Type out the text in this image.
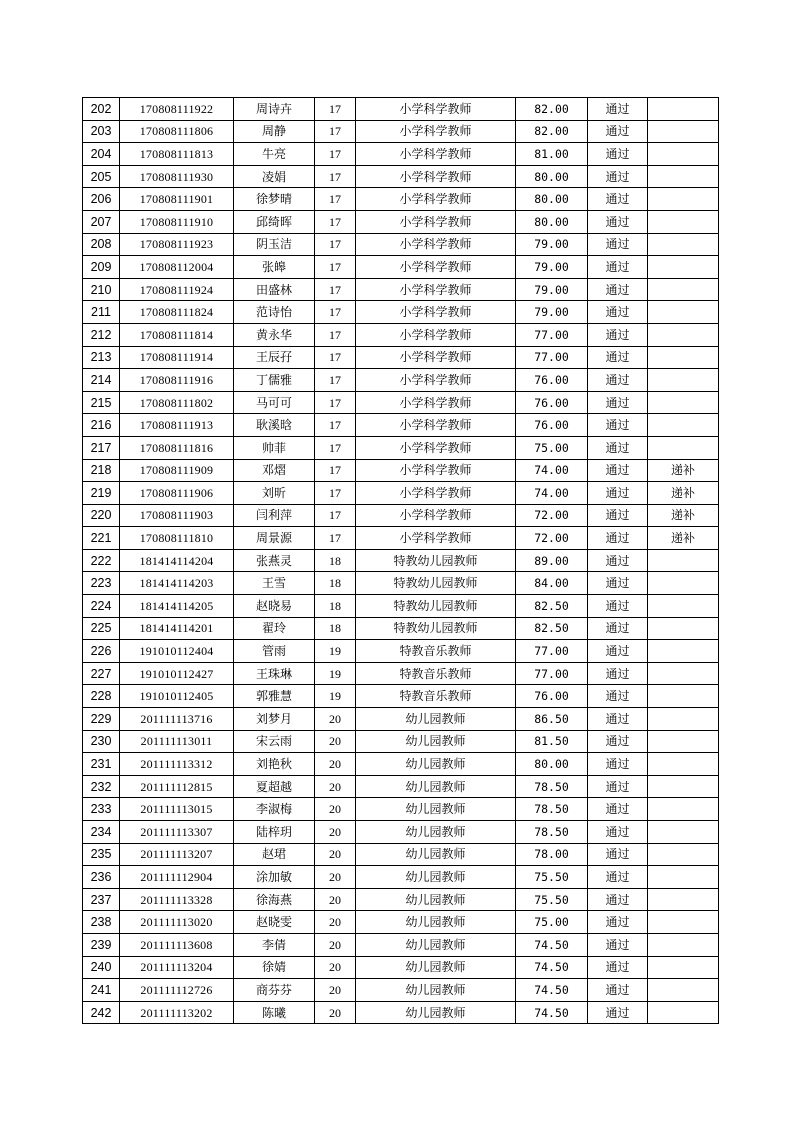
202	170808111922	周诗卉	17	小学科学教师	82.00	通过	
203	170808111806	周静	17	小学科学教师	82.00	通过	
204	170808111813	牛亮	17	小学科学教师	81.00	通过	
205	170808111930	凌娟	17	小学科学教师	80.00	通过	
206	170808111901	徐梦晴	17	小学科学教师	80.00	通过	
207	170808111910	邱绮晖	17	小学科学教师	80.00	通过	
208	170808111923	阴玉洁	17	小学科学教师	79.00	通过	
209	170808112004	张皞	17	小学科学教师	79.00	通过	
210	170808111924	田盛林	17	小学科学教师	79.00	通过	
211	170808111824	范诗怡	17	小学科学教师	79.00	通过	
212	170808111814	黄永华	17	小学科学教师	77.00	通过	
213	170808111914	王辰孖	17	小学科学教师	77.00	通过	
214	170808111916	丁儒雅	17	小学科学教师	76.00	通过	
215	170808111802	马可可	17	小学科学教师	76.00	通过	
216	170808111913	耿溪晗	17	小学科学教师	76.00	通过	
217	170808111816	帅菲	17	小学科学教师	75.00	通过	
218	170808111909	邓熠	17	小学科学教师	74.00	通过	递补
219	170808111906	刘昕	17	小学科学教师	74.00	通过	递补
220	170808111903	闫利萍	17	小学科学教师	72.00	通过	递补
221	170808111810	周景源	17	小学科学教师	72.00	通过	递补
222	181414114204	张燕灵	18	特教幼儿园教师	89.00	通过	
223	181414114203	王雪	18	特教幼儿园教师	84.00	通过	
224	181414114205	赵晓易	18	特教幼儿园教师	82.50	通过	
225	181414114201	翟玲	18	特教幼儿园教师	82.50	通过	
226	191010112404	管雨	19	特教音乐教师	77.00	通过	
227	191010112427	王珠琳	19	特教音乐教师	77.00	通过	
228	191010112405	郭雅慧	19	特教音乐教师	76.00	通过	
229	201111113716	刘梦月	20	幼儿园教师	86.50	通过	
230	201111113011	宋云雨	20	幼儿园教师	81.50	通过	
231	201111113312	刘艳秋	20	幼儿园教师	80.00	通过	
232	201111112815	夏超越	20	幼儿园教师	78.50	通过	
233	201111113015	李淑梅	20	幼儿园教师	78.50	通过	
234	201111113307	陆梓玥	20	幼儿园教师	78.50	通过	
235	201111113207	赵珺	20	幼儿园教师	78.00	通过	
236	201111112904	涂加敏	20	幼儿园教师	75.50	通过	
237	201111113328	徐海燕	20	幼儿园教师	75.50	通过	
238	201111113020	赵晓雯	20	幼儿园教师	75.00	通过	
239	201111113608	李倩	20	幼儿园教师	74.50	通过	
240	201111113204	徐婧	20	幼儿园教师	74.50	通过	
241	201111112726	商芬芬	20	幼儿园教师	74.50	通过	
242	201111113202	陈曦	20	幼儿园教师	74.50	通过	
